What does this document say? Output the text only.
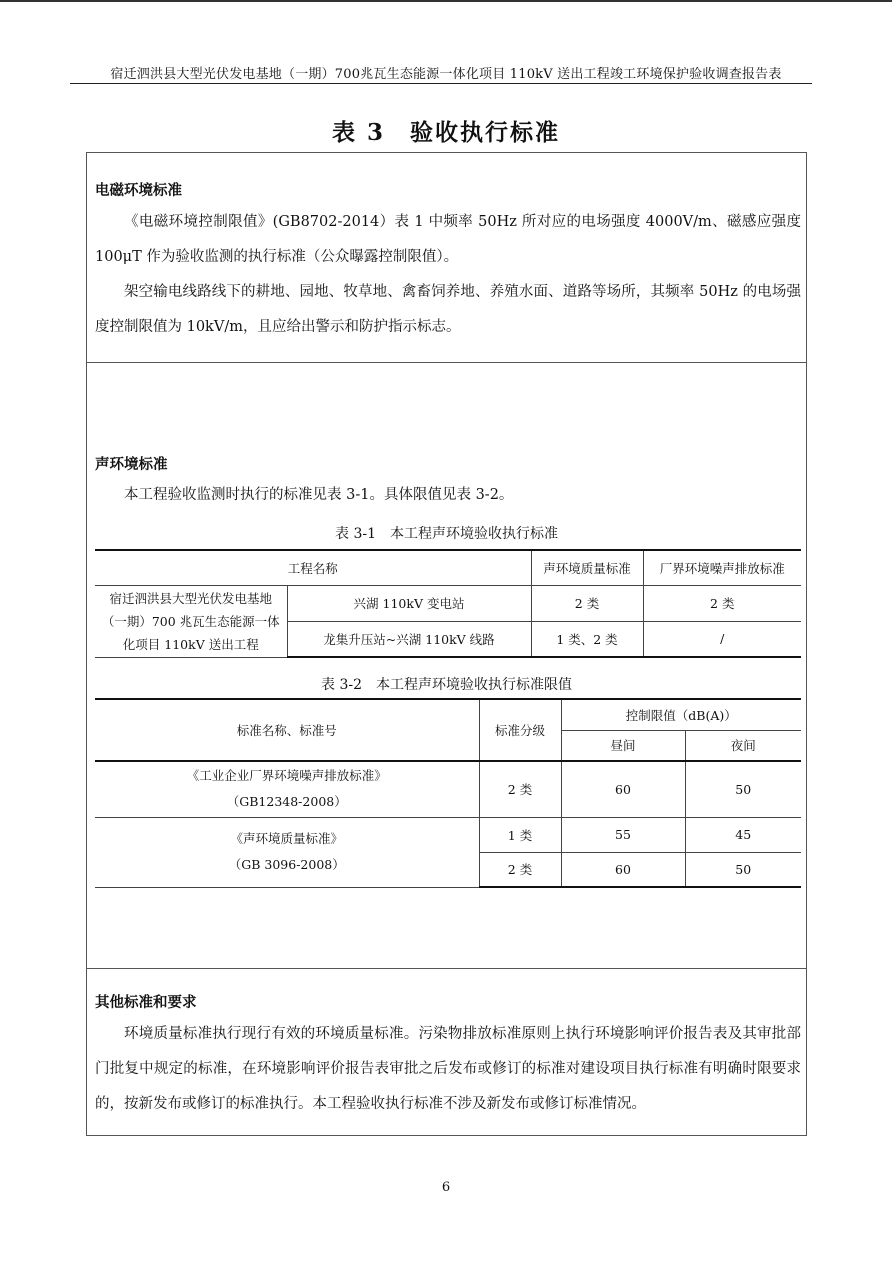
宿迁泗洪县大型光伏发电基地（一期）700兆瓦生态能源一体化项目 110kV 送出工程竣工环境保护验收调查报告表
表 3　验收执行标准
电磁环境标准
《电磁环境控制限值》(GB8702-2014）表 1 中频率 50Hz 所对应的电场强度 4000V/m、磁感应强度 100μT 作为验收监测的执行标准（公众曝露控制限值）。
架空输电线路线下的耕地、园地、牧草地、禽畜饲养地、养殖水面、道路等场所，其频率 50Hz 的电场强度控制限值为 10kV/m，且应给出警示和防护指示标志。
声环境标准
本工程验收监测时执行的标准见表 3-1。具体限值见表 3-2。
表 3-1　本工程声环境验收执行标准
工程名称		声环境质量标准	厂界环境噪声排放标准
宿迁泗洪县大型光伏发电基地（一期）700 兆瓦生态能源一体化项目 110kV 送出工程	兴湖 110kV 变电站	2 类	2 类
	龙集升压站~兴湖 110kV 线路	1 类、2 类	/
表 3-2　本工程声环境验收执行标准限值
标准名称、标准号	标准分级	控制限值（dB(A)）	
		昼间	夜间

《工业企业厂界环境噪声排放标准》
（GB12348-2008）	2 类	60	50

《声环境质量标准》
（GB 3096-2008）	1 类	55	45
	2 类	60	50
其他标准和要求
环境质量标准执行现行有效的环境质量标准。污染物排放标准原则上执行环境影响评价报告表及其审批部门批复中规定的标准，在环境影响评价报告表审批之后发布或修订的标准对建设项目执行标准有明确时限要求的，按新发布或修订的标准执行。本工程验收执行标准不涉及新发布或修订标准情况。
6
